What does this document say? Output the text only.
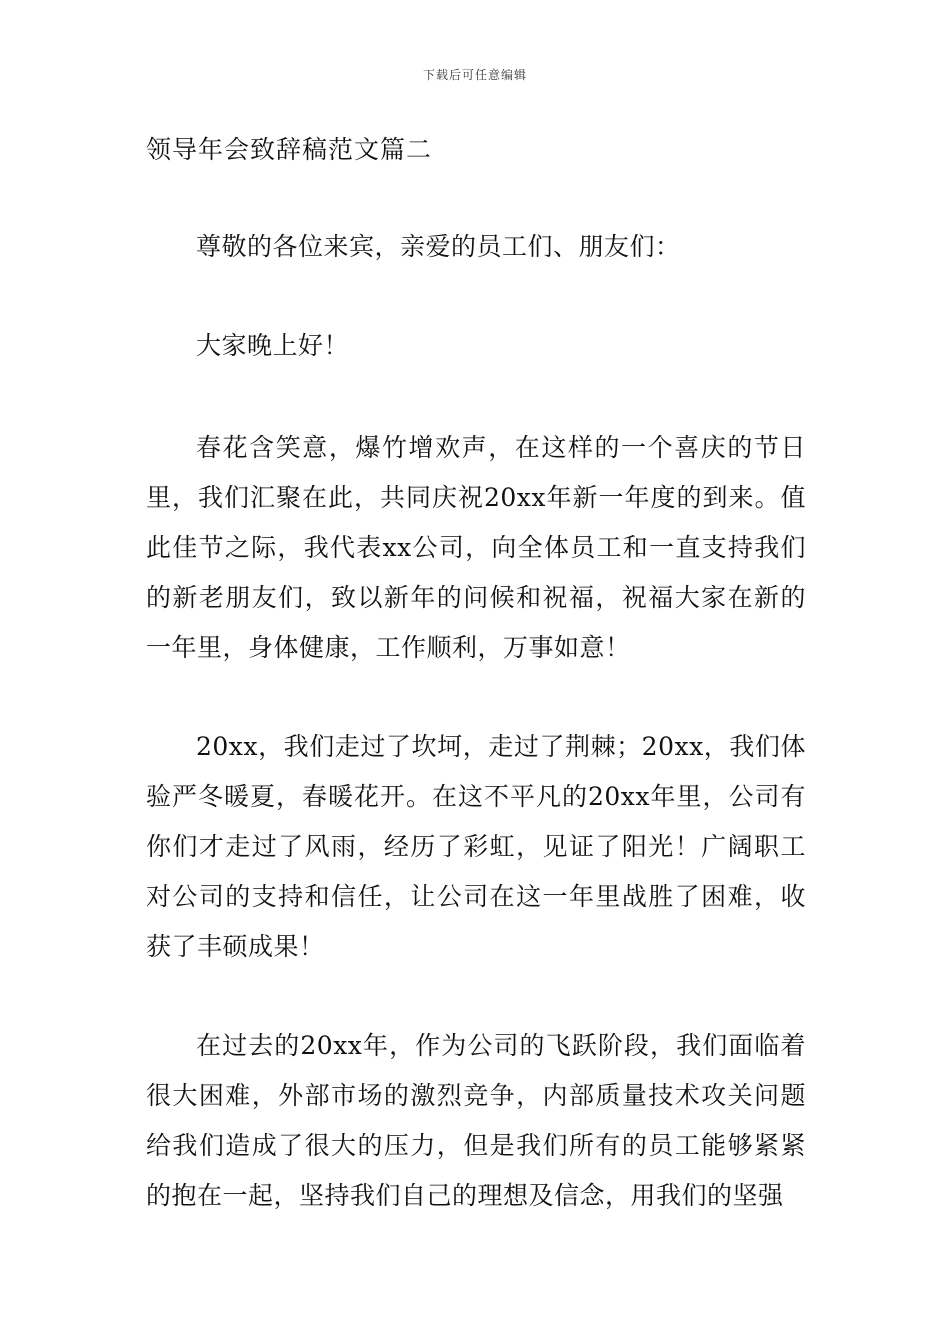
下载后可任意编辑
领导年会致辞稿范文篇二

尊敬的各位来宾，亲爱的员工们、朋友们：

大家晚上好！

春花含笑意，爆竹增欢声，在这样的一个喜庆的节日里，我们汇聚在此，共同庆祝20xx年新一年度的到来。值此佳节之际，我代表xx公司，向全体员工和一直支持我们的新老朋友们，致以新年的问候和祝福，祝福大家在新的一年里，身体健康，工作顺利，万事如意！

20xx，我们走过了坎坷，走过了荆棘；20xx，我们体验严冬暖夏，春暖花开。在这不平凡的20xx年里，公司有你们才走过了风雨，经历了彩虹，见证了阳光！广阔职工对公司的支持和信任，让公司在这一年里战胜了困难，收获了丰硕成果！

在过去的20xx年，作为公司的飞跃阶段，我们面临着很大困难，外部市场的激烈竞争，内部质量技术攻关问题给我们造成了很大的压力，但是我们所有的员工能够紧紧的抱在一起，坚持我们自己的理想及信念，用我们的坚强
